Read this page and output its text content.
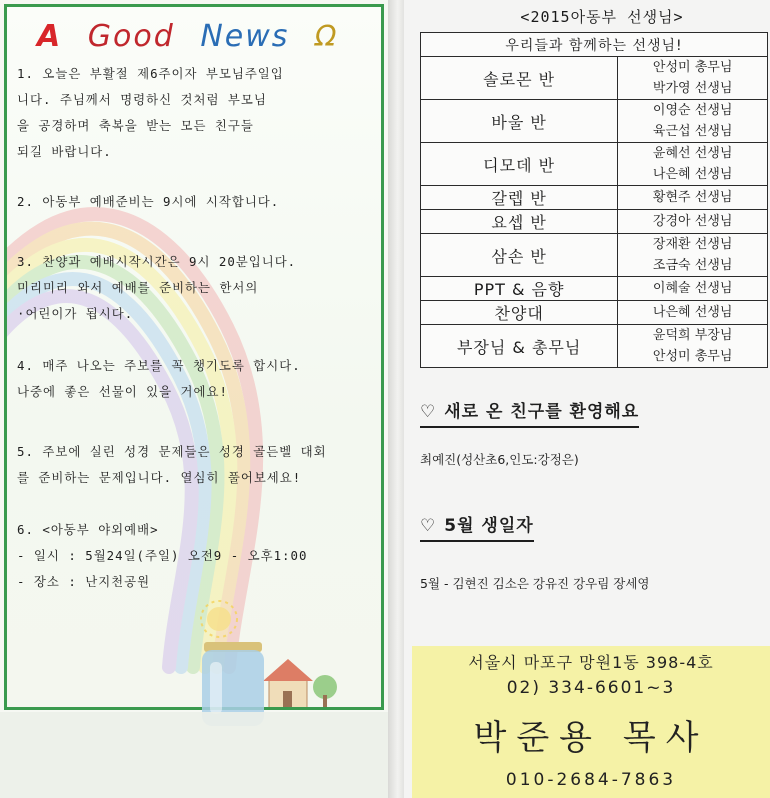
A Good News Ω
1. 오늘은 부활절 제6주이자 부모님주일입
니다. 주님께서 명령하신 것처럼 부모님
을 공경하며 축복을 받는 모든 친구들
되길 바랍니다.
2. 아동부 예배준비는 9시에 시작합니다.
3. 찬양과 예배시작시간은 9시 20분입니다.
미리미리 와서 예배를 준비하는 한서의
·어린이가 됩시다.
4. 매주 나오는 주보를 꼭 챙기도록 합시다.
나중에 좋은 선물이 있을 거에요!
5. 주보에 실린 성경 문제들은 성경 골든벨 대회
를 준비하는 문제입니다. 열심히 풀어보세요!
6. <아동부 야외예배>
- 일시 : 5월24일(주일) 오전9 - 오후1:00
- 장소 : 난지천공원
<2015아동부 선생님>
우리들과 함께하는 선생님!	
솔로몬 반	안성미 총무님
박가영 선생님

바울 반	이영순 선생님
육근섭 선생님

디모데 반	윤혜선 선생님
나은혜 선생님

갈렙 반	황현주 선생님

요셉 반	강경아 선생님

삼손 반	장재환 선생님
조금숙 선생님

PPT & 음향	이혜술 선생님

찬양대	나은혜 선생님

부장님 & 총무님	윤덕희 부장님
안성미 총무님
♡ 새로 온 친구를 환영해요
최예진(성산초6,인도:강정은)
♡ 5월 생일자
5월 - 김현진 김소은 강유진 강우림 장세영
서울시 마포구 망원1동 398-4호
02) 334-6601~3
박준용 목사
010-2684-7863
